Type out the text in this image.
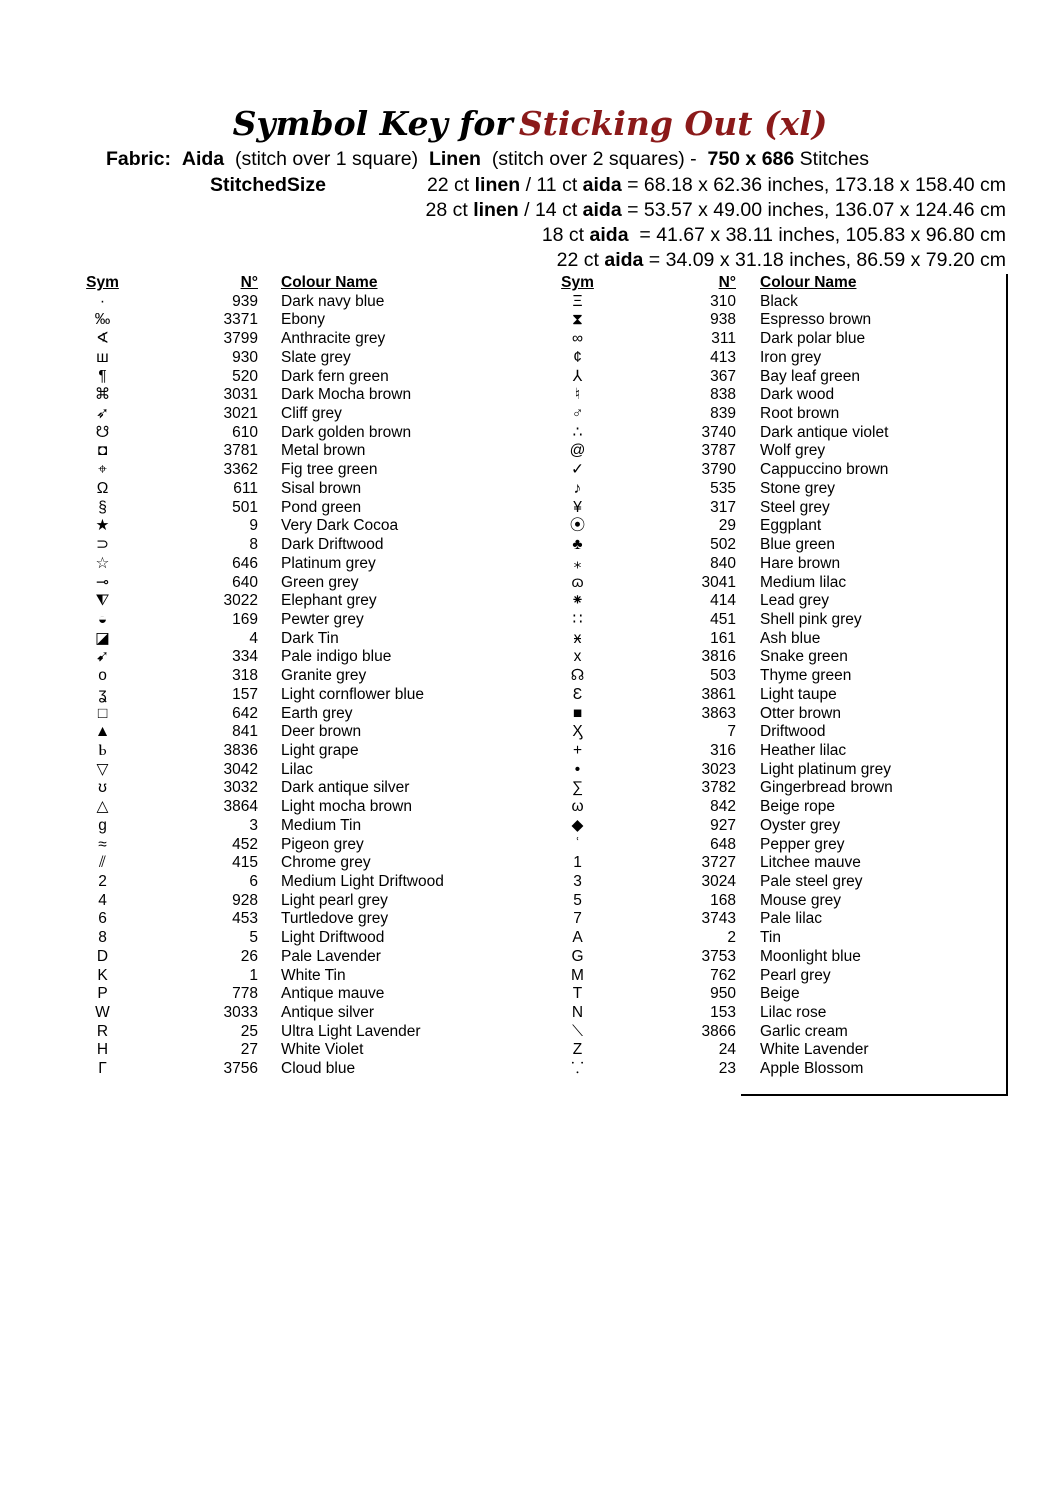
Symbol Key for Sticking Out (xl)
Fabric: Aida (stitch over 1 square) Linen (stitch over 2 squares) - 750 x 686 Stitches
StitchedSize	22 ct linen / 11 ct aida = 68.18 x 62.36 inches, 173.18 x 158.40 cm
28 ct linen / 14 ct aida = 53.57 x 49.00 inches, 136.07 x 124.46 cm
18 ct aida  = 41.67 x 38.11 inches, 105.83 x 96.80 cm
22 ct aida = 34.09 x 31.18 inches, 86.59 x 79.20 cm
Sym	N° Colour Name
·	939 Dark navy blue
‰	3371 Ebony
∢	3799 Anthracite grey
ш	930 Slate grey
¶	520 Dark fern green
⌘	3031 Dark Mocha brown
➶	3021 Cliff grey
☋	610 Dark golden brown
◘	3781 Metal brown
⌖	3362 Fig tree green
Ω	611 Sisal brown
§	501 Pond green
★	9 Very Dark Cocoa
⊃	8 Dark Driftwood
☆	646 Platinum grey
⊸	640 Green grey
⧨	3022 Elephant grey
◒	169 Pewter grey
◪	4 Dark Tin
➹	334 Pale indigo blue
o	318 Granite grey
ʓ	157 Light cornflower blue
□	642 Earth grey
▲	841 Deer brown
Ⱃ	3836 Light grape
▽	3042 Lilac
ʊ	3032 Dark antique silver
△	3864 Light mocha brown
g	3 Medium Tin
≈	452 Pigeon grey
⫽	415 Chrome grey
2	6 Medium Light Driftwood
4	928 Light pearl grey
6	453 Turtledove grey
8	5 Light Driftwood
D	26 Pale Lavender
K	1 White Tin
P	778 Antique mauve
W	3033 Antique silver
R	25 Ultra Light Lavender
H	27 White Violet
Γ	3756 Cloud blue
Sym	N° Colour Name
Ξ	310 Black
⧗	938 Espresso brown
∞	311 Dark polar blue
¢	413 Iron grey
⅄	367 Bay leaf green
♮	838 Dark wood
♂	839 Root brown
∴	3740 Dark antique violet
@	3787 Wolf grey
✓	3790 Cappuccino brown
♪	535 Stone grey
¥	317 Steel grey
⦿	29 Eggplant
♣	502 Blue green
⁎	840 Hare brown
ɷ	3041 Medium lilac
⁕	414 Lead grey
∷	451 Shell pink grey
ӿ	161 Ash blue
x	3816 Snake green
☊	503 Thyme green
Ɛ	3861 Light taupe
■	3863 Otter brown
Ӽ	7 Driftwood
+	316 Heather lilac
•	3023 Light platinum grey
∑	3782 Gingerbread brown
ω	842 Beige rope
◆	927 Oyster grey
ʿ	648 Pepper grey
1	3727 Litchee mauve
3	3024 Pale steel grey
5	168 Mouse grey
7	3743 Pale lilac
A	2 Tin
G	3753 Moonlight blue
M	762 Pearl grey
T	950 Beige
N	153 Lilac rose
⟍	3866 Garlic cream
Z	24 White Lavender
⸪	23 Apple Blossom
